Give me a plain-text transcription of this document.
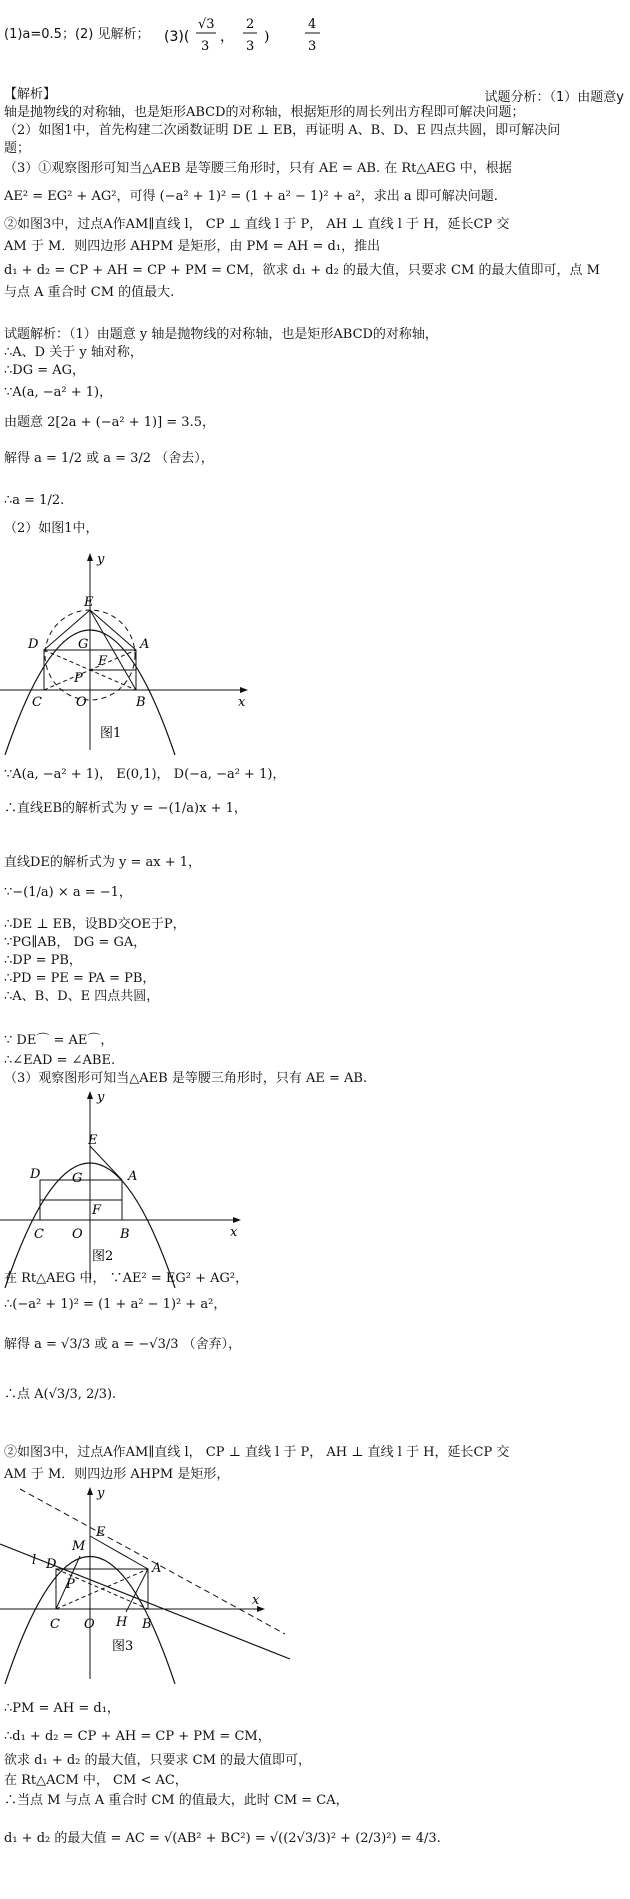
(1)a=0.5；(2) 见解析； (3)(
√3
3
，
2
3
)
4
3
【解析】	试题分析：（1）由题意y
轴是抛物线的对称轴，也是矩形ABCD的对称轴，根据矩形的周长列出方程即可解决问题；
（2）如图1中，首先构建二次函数证明 DE ⊥ EB，再证明 A、B、D、E 四点共圆，即可解决问
题；
（3）①观察图形可知当△AEB 是等腰三角形时，只有 AE = AB. 在 Rt△AEG 中，根据
AE² = EG² + AG²，可得 (−a² + 1)² = (1 + a² − 1)² + a²，求出 a 即可解决问题.
②如图3中，过点A作AM∥直线 l， CP ⊥ 直线 l 于 P， AH ⊥ 直线 l 于 H，延长CP 交
AM 于 M．则四边形 AHPM 是矩形，由 PM = AH = d₁，推出
d₁ + d₂ = CP + AH = CP + PM = CM，欲求 d₁ + d₂ 的最大值，只要求 CM 的最大值即可，点 M
与点 A 重合时 CM 的值最大.
试题解析：（1）由题意 y 轴是抛物线的对称轴，也是矩形ABCD的对称轴，
∴A、D 关于 y 轴对称，
∴DG = AG，
∵A(a, −a² + 1)，
由题意 2[2a + (−a² + 1)] = 3.5，
解得 a = 1/2 或 a = 3/2 （舍去），
∴a = 1/2.
（2）如图1中，
y
x
E
D	G	A
F
P
C	O	B
图1
∵A(a, −a² + 1)， E(0,1)， D(−a, −a² + 1)，
∴直线EB的解析式为 y = −(1/a)x + 1，
直线DE的解析式为 y = ax + 1，
∵−(1/a) × a = −1，
∴DE ⊥ EB，设BD交OE于P，
∵PG∥AB， DG = GA，
∴DP = PB，
∴PD = PE = PA = PB，
∴A、B、D、E 四点共圆，
∵ DE⌒ = AE⌒，
∴∠EAD = ∠ABE.
（3）观察图形可知当△AEB 是等腰三角形时，只有 AE = AB.
y
x
E
D G	A
F
C O	B
图2
在 Rt△AEG 中， ∵AE² = EG² + AG²，
∴(−a² + 1)² = (1 + a² − 1)² + a²，
解得 a = √3/3 或 a = −√3/3 （舍弃），
∴点 A(√3/3, 2/3).
②如图3中，过点A作AM∥直线 l， CP ⊥ 直线 l 于 P， AH ⊥ 直线 l 于 H，延长CP 交
AM 于 M．则四边形 AHPM 是矩形，
y
x
M
E
l D	A
P
H
C O	B
图3
∴PM = AH = d₁，
∴d₁ + d₂ = CP + AH = CP + PM = CM，
欲求 d₁ + d₂ 的最大值，只要求 CM 的最大值即可，
在 Rt△ACM 中， CM < AC，
∴当点 M 与点 A 重合时 CM 的值最大，此时 CM = CA，
d₁ + d₂ 的最大值 = AC = √(AB² + BC²) = √((2√3/3)² + (2/3)²) = 4/3.
